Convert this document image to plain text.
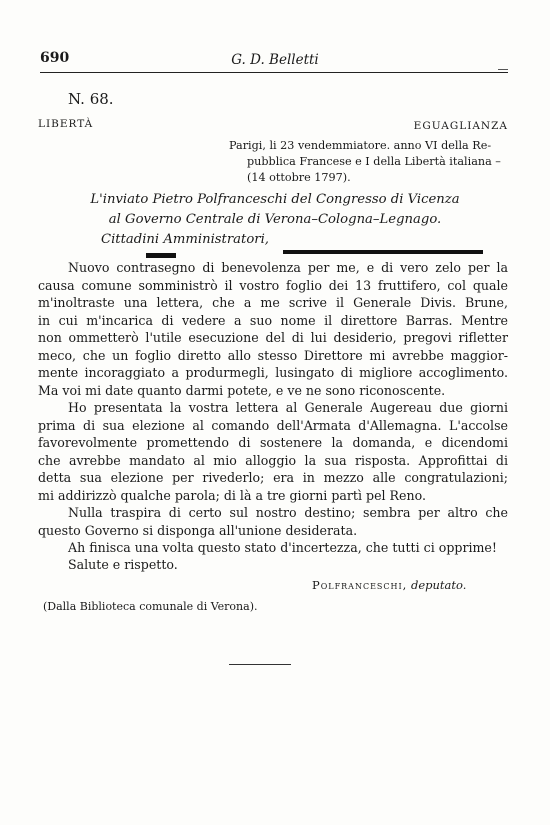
690	G. D. Belletti
N. 68.
LIBERTÀ	EGUAGLIANZA
Parigi, li 23 vendemmiatore. anno VI della Re-
pubblica Francese e I della Libertà italiana –
(14 ottobre 1797).
L'inviato Pietro Polfranceschi del Congresso di Vicenza
al Governo Centrale di Verona–Cologna–Legnago.
Cittadini Amministratori,
Nuovo contrasegno di benevolenza per me, e di vero zelo per la
causa comune somministrò il vostro foglio dei 13 fruttifero, col quale
m'inoltraste una lettera, che a me scrive il Generale Divis. Brune,
in cui m'incarica di vedere a suo nome il direttore Barras. Mentre
non ommetterò l'utile esecuzione del di lui desiderio, pregovi rifletter
meco, che un foglio diretto allo stesso Direttore mi avrebbe maggior-
mente incoraggiato a produrmegli, lusingato di migliore accoglimento.
Ma voi mi date quanto darmi potete, e ve ne sono riconoscente.
Ho presentata la vostra lettera al Generale Augereau due giorni
prima di sua elezione al comando dell'Armata d'Allemagna. L'accolse
favorevolmente promettendo di sostenere la domanda, e dicendomi
che avrebbe mandato al mio alloggio la sua risposta. Approfittai di
detta sua elezione per rivederlo; era in mezzo alle congratulazioni;
mi addirizzò qualche parola; di là a tre giorni partì pel Reno.
Nulla traspira di certo sul nostro destino; sembra per altro che
questo Governo si disponga all'unione desiderata.
Ah finisca una volta questo stato d'incertezza, che tutti ci opprime!
Salute e rispetto.
Polfranceschi, deputato.
(Dalla Biblioteca comunale di Verona).
